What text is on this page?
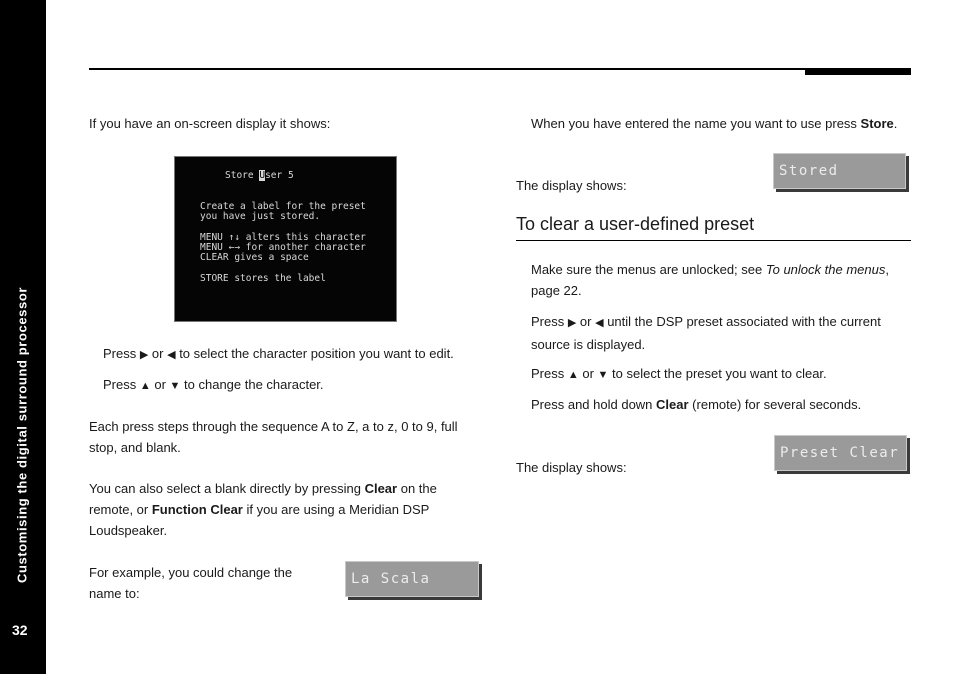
Customising the digital surround processor
32

If you have an on-screen display it shows:

Store User 5
Create a label for the preset
you have just stored.
MENU ↑↓ alters this character
MENU ←→ for another character
CLEAR gives a space
STORE stores the label

Press ▶ or ◀ to select the character position you want to edit.

Press ▲ or ▼ to change the character.

Each press steps through the sequence A to Z, a to z, 0 to 9, full stop, and blank.

You can also select a blank directly by pressing Clear on the remote, or Function Clear if you are using a Meridian DSP Loudspeaker.

For example, you could change the name to:

La Scala

When you have entered the name you want to use press Store.

The display shows:

Stored
To clear a user-defined preset

Make sure the menus are unlocked; see To unlock the menus, page 22.

Press ▶ or ◀ until the DSP preset associated with the current source is displayed.

Press ▲ or ▼ to select the preset you want to clear.

Press and hold down Clear (remote) for several seconds.

The display shows:

Preset Clear
